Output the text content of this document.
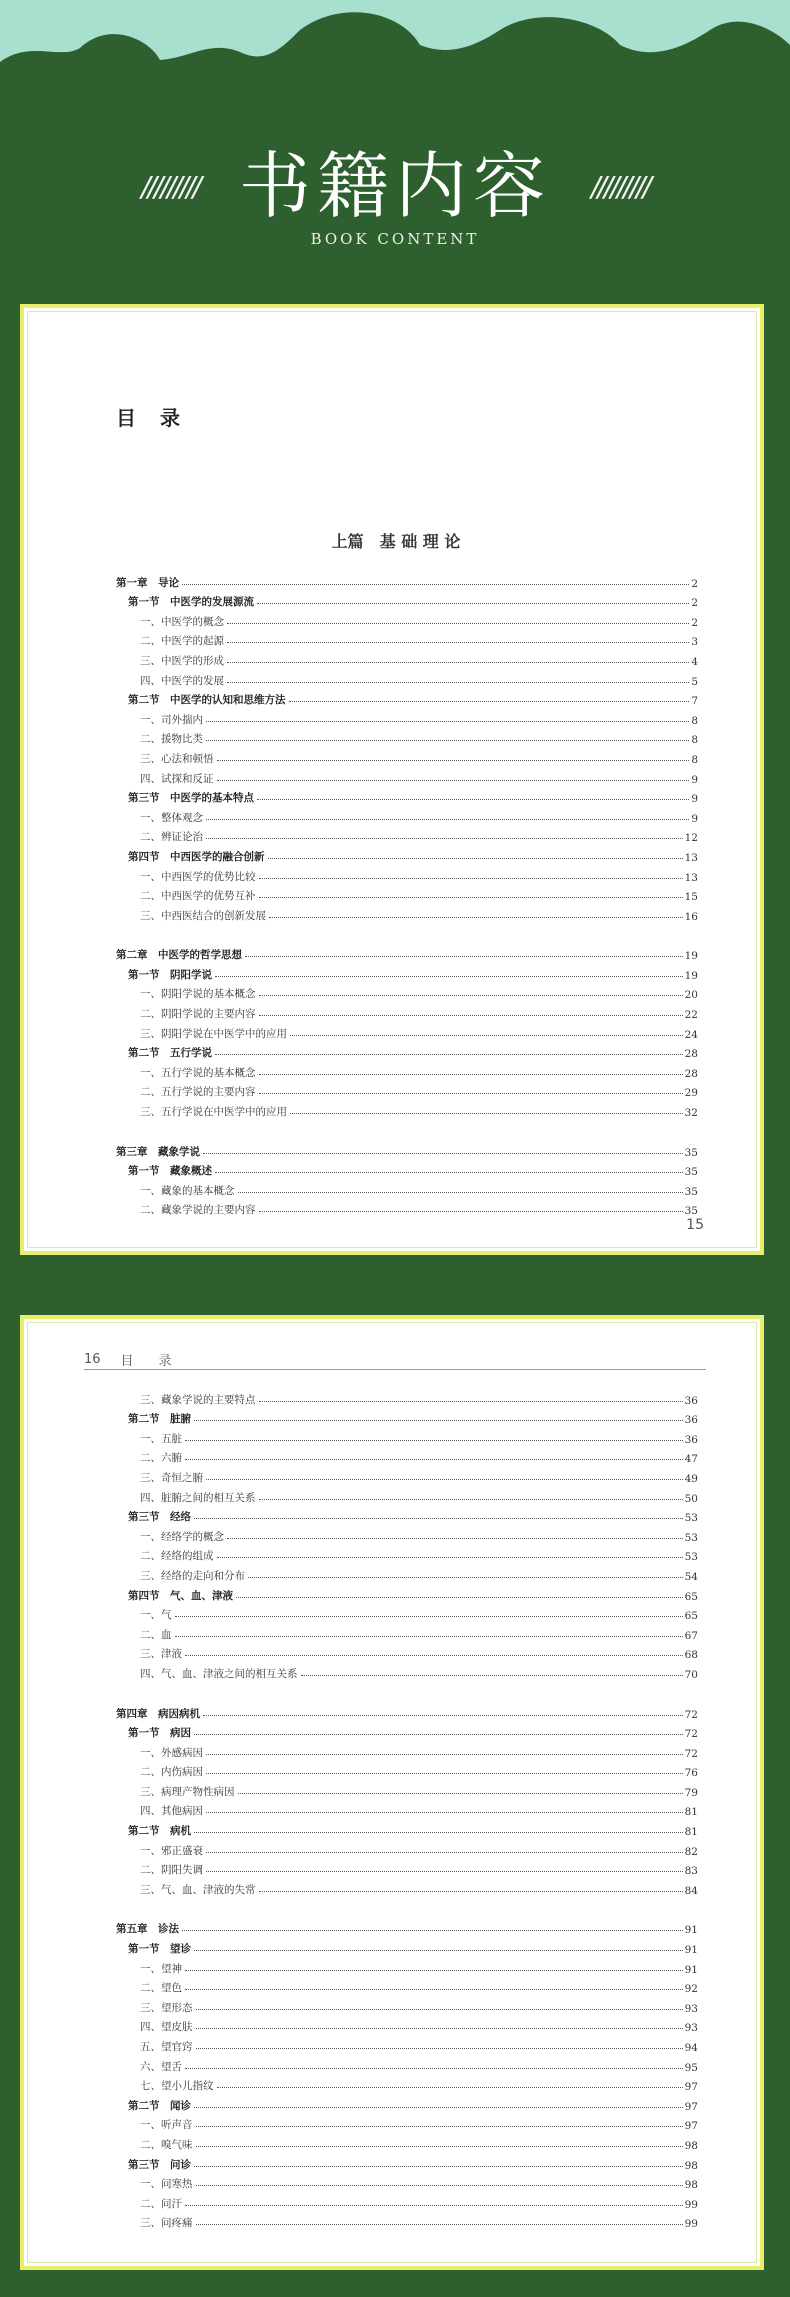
///////// 书籍内容 /////////
BOOK CONTENT
目　录
上篇　基 础 理 论
第一章　导论	2
第一节　中医学的发展源流	2
一、中医学的概念	2
二、中医学的起源	3
三、中医学的形成	4
四、中医学的发展	5
第二节　中医学的认知和思维方法	7
一、司外揣内	8
二、援物比类	8
三、心法和顿悟	8
四、试探和反证	9
第三节　中医学的基本特点	9
一、整体观念	9
二、辨证论治	12
第四节　中西医学的融合创新	13
一、中西医学的优势比较	13
二、中西医学的优势互补	15
三、中西医结合的创新发展	16
第二章　中医学的哲学思想	19
第一节　阴阳学说	19
一、阴阳学说的基本概念	20
二、阴阳学说的主要内容	22
三、阴阳学说在中医学中的应用	24
第二节　五行学说	28
一、五行学说的基本概念	28
二、五行学说的主要内容	29
三、五行学说在中医学中的应用	32
第三章　藏象学说	35
第一节　藏象概述	35
一、藏象的基本概念	35
二、藏象学说的主要内容	35
15
16 目　录
三、藏象学说的主要特点	36
第二节　脏腑	36
一、五脏	36
二、六腑	47
三、奇恒之腑	49
四、脏腑之间的相互关系	50
第三节　经络	53
一、经络学的概念	53
二、经络的组成	53
三、经络的走向和分布	54
第四节　气、血、津液	65
一、气	65
二、血	67
三、津液	68
四、气、血、津液之间的相互关系	70
第四章　病因病机	72
第一节　病因	72
一、外感病因	72
二、内伤病因	76
三、病理产物性病因	79
四、其他病因	81
第二节　病机	81
一、邪正盛衰	82
二、阴阳失调	83
三、气、血、津液的失常	84
第五章　诊法	91
第一节　望诊	91
一、望神	91
二、望色	92
三、望形态	93
四、望皮肤	93
五、望官窍	94
六、望舌	95
七、望小儿指纹	97
第二节　闻诊	97
一、听声音	97
二、嗅气味	98
第三节　问诊	98
一、问寒热	98
二、问汗	99
三、问疼痛	99
